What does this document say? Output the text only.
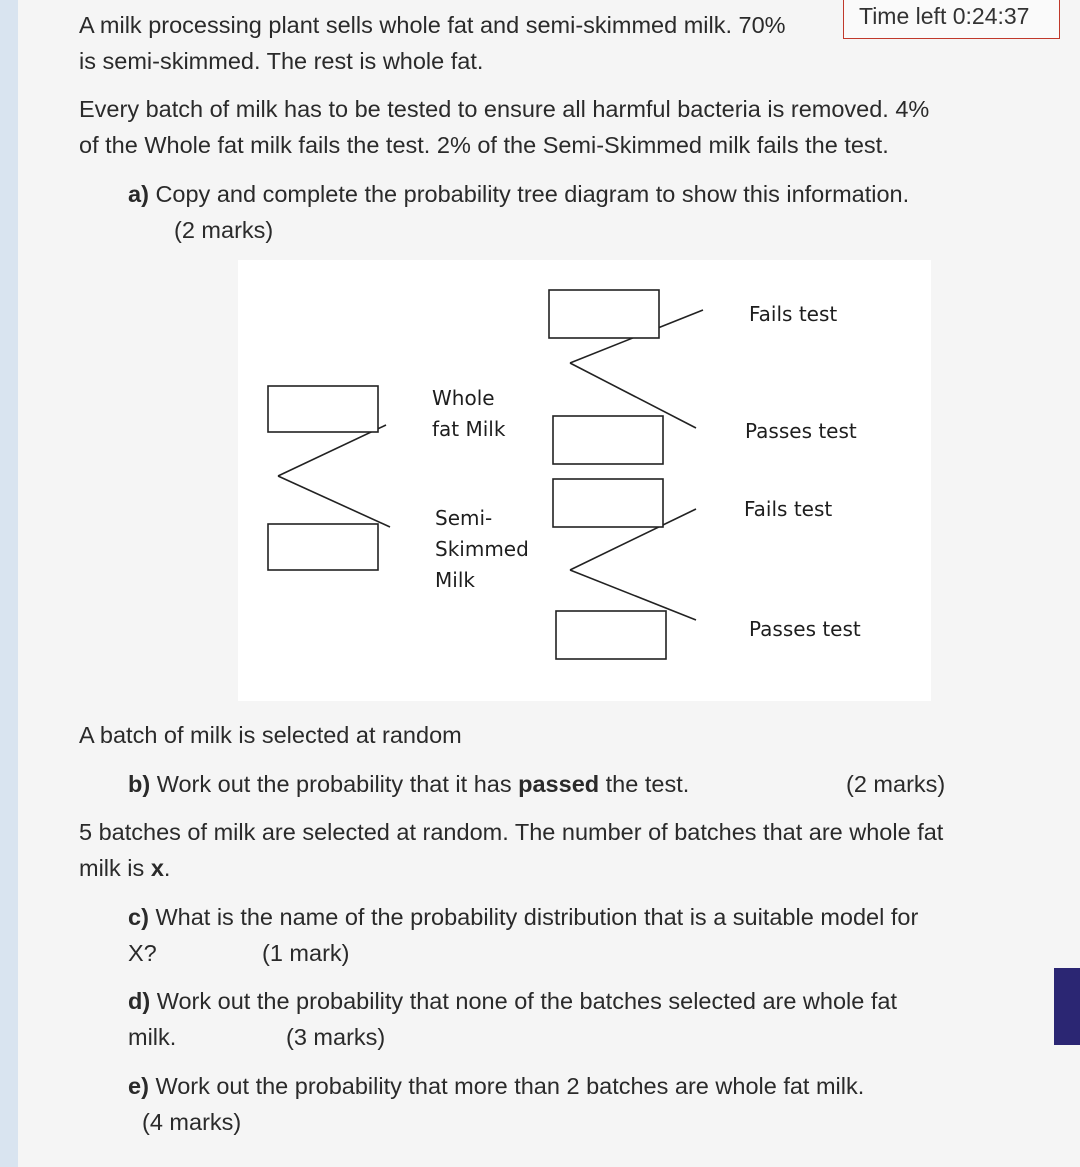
A milk processing plant sells whole fat and semi-skimmed milk. 70%

is semi-skimmed. The rest is whole fat.

Time left 0:24:37

Every batch of milk has to be tested to ensure all harmful bacteria is removed. 4%

of the Whole fat milk fails the test. 2% of the Semi-Skimmed milk fails the test.

a) Copy and complete the probability tree diagram to show this information.

(2 marks)

Whole
fat Milk
Semi-
Skimmed
Milk
Fails test
Passes test
Fails test
Passes test

A batch of milk is selected at random

b) Work out the probability that it has passed the test.	(2 marks)

5 batches of milk are selected at random. The number of batches that are whole fat

milk is x.

c) What is the name of the probability distribution that is a suitable model for

X?	(1 mark)

d) Work out the probability that none of the batches selected are whole fat

milk.	(3 marks)

e) Work out the probability that more than 2 batches are whole fat milk.

(4 marks)
